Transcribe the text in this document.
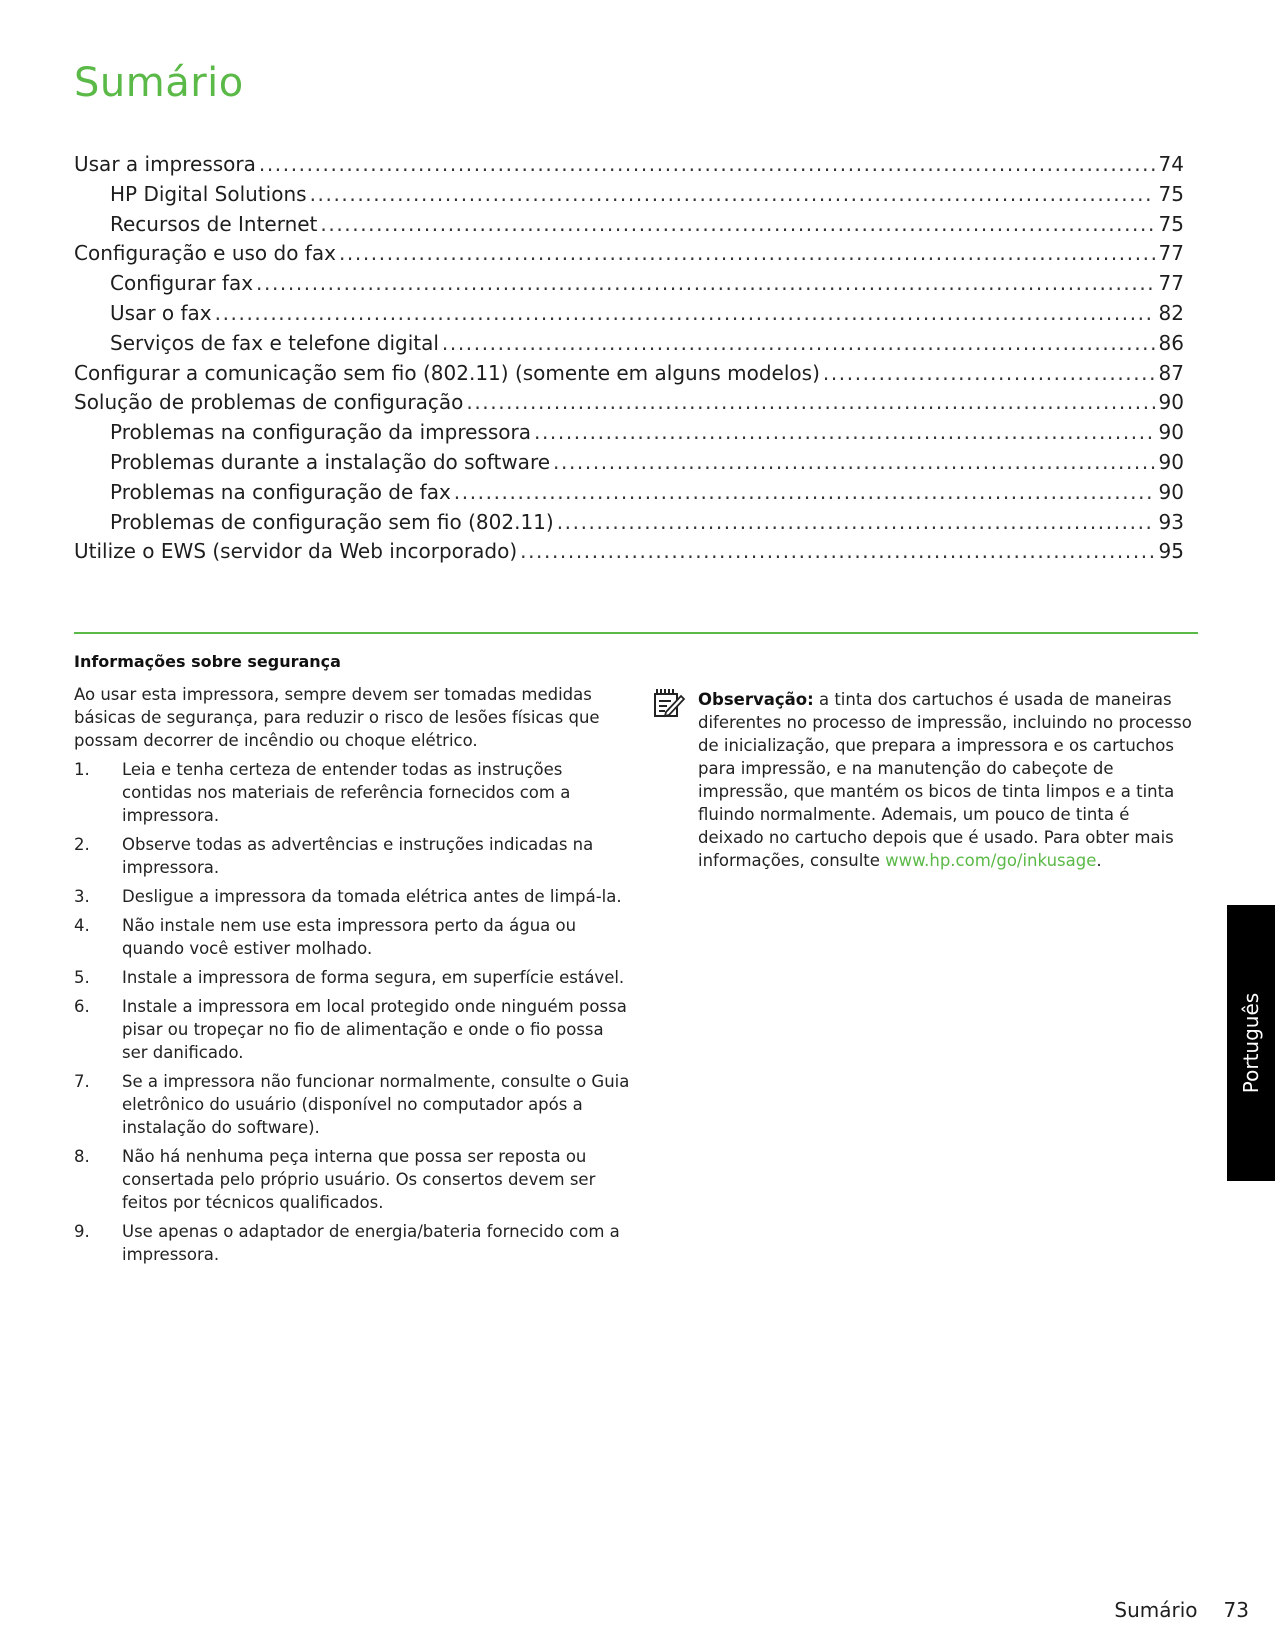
Sumário
Usar a impressora .....	74
HP Digital Solutions .....	75
Recursos de Internet .....	75
Configuração e uso do fax .....	77
Configurar fax .....	77
Usar o fax .....	82
Serviços de fax e telefone digital .....	86
Configurar a comunicação sem fio (802.11) (somente em alguns modelos) .....	87
Solução de problemas de configuração .....	90
Problemas na configuração da impressora .....	90
Problemas durante a instalação do software .....	90
Problemas na configuração de fax .....	90
Problemas de configuração sem fio (802.11) .....	93
Utilize o EWS (servidor da Web incorporado) .....	95
Informações sobre segurança

Ao usar esta impressora, sempre devem ser tomadas medidas básicas de segurança, para reduzir o risco de lesões físicas que possam decorrer de incêndio ou choque elétrico.

1.	Leia e tenha certeza de entender todas as instruções contidas nos materiais de referência fornecidos com a impressora.
2.	Observe todas as advertências e instruções indicadas na impressora.
3.	Desligue a impressora da tomada elétrica antes de limpá-la.
4.	Não instale nem use esta impressora perto da água ou quando você estiver molhado.
5.	Instale a impressora de forma segura, em superfície estável.
6.	Instale a impressora em local protegido onde ninguém possa pisar ou tropeçar no fio de alimentação e onde o fio possa ser danificado.
7.	Se a impressora não funcionar normalmente, consulte o Guia eletrônico do usuário (disponível no computador após a instalação do software).
8.	Não há nenhuma peça interna que possa ser reposta ou consertada pelo próprio usuário. Os consertos devem ser feitos por técnicos qualificados.
9.	Use apenas o adaptador de energia/bateria fornecido com a impressora.

Observação: a tinta dos cartuchos é usada de maneiras diferentes no processo de impressão, incluindo no processo de inicialização, que prepara a impressora e os cartuchos para impressão, e na manutenção do cabeçote de impressão, que mantém os bicos de tinta limpos e a tinta fluindo normalmente. Ademais, um pouco de tinta é deixado no cartucho depois que é usado. Para obter mais informações, consulte www.hp.com/go/inkusage.

Português
Sumário 73
